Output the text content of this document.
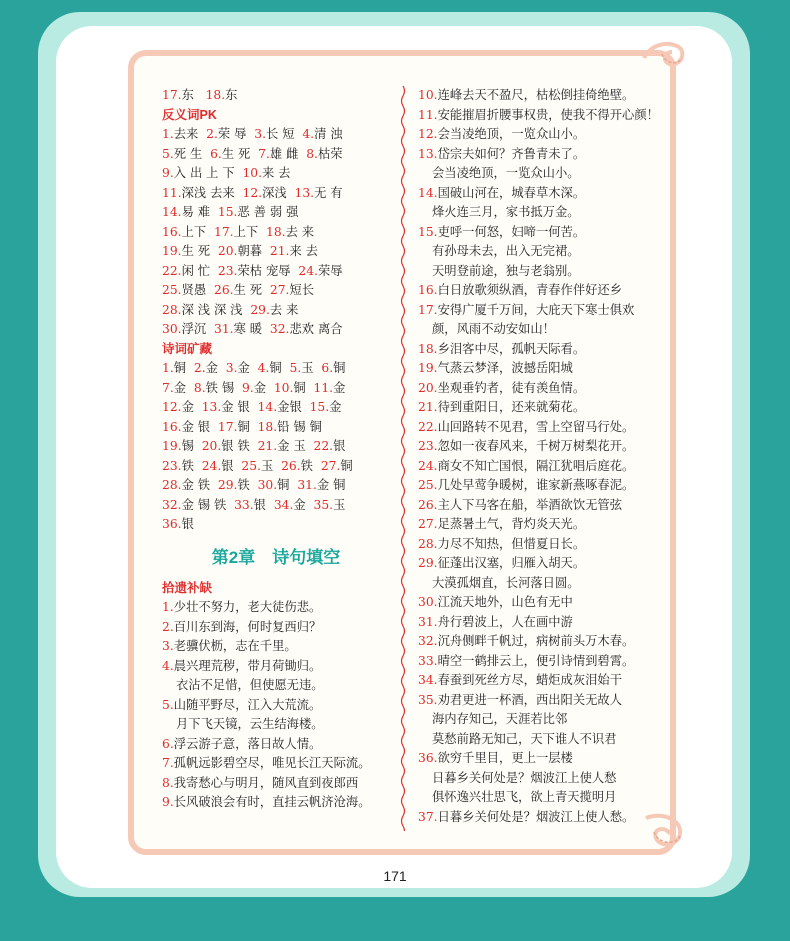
17.东 18.东
反义词PK
1.去来 2.荣 辱 3.长 短 4.清 浊
5.死 生 6.生 死 7.雄 雌 8.枯荣
9.入 出 上 下 10.来 去
11.深浅 去来 12.深浅 13.无 有
14.易 难 15.恶 善 弱 强
16.上下 17.上下 18.去 来
19.生 死 20.朝暮 21.来 去
22.闲 忙 23.荣枯 宠辱 24.荣辱
25.贤愚 26.生 死 27.短长
28.深 浅 深 浅 29.去 来
30.浮沉 31.寒 暖 32.悲欢 离合
诗词矿藏
1.铜 2.金 3.金 4.铜 5.玉 6.铜
7.金 8.铁 锡 9.金 10.铜 11.金
12.金 13.金 银 14.金银 15.金
16.金 银 17.铜 18.铅 锡 铜
19.锡 20.银 铁 21.金 玉 22.银
23.铁 24.银 25.玉 26.铁 27.铜
28.金 铁 29.铁 30.铜 31.金 铜
32.金 锡 铁 33.银 34.金 35.玉
36.银
第2章　诗句填空
拾遗补缺
1.少壮不努力，老大徒伤悲。
2.百川东到海，何时复西归？
3.老骥伏枥，志在千里。
4.晨兴理荒秽，带月荷锄归。
衣沾不足惜，但使愿无违。
5.山随平野尽，江入大荒流。
月下飞天镜，云生结海楼。
6.浮云游子意，落日故人情。
7.孤帆远影碧空尽，唯见长江天际流。
8.我寄愁心与明月，随风直到夜郎西
9.长风破浪会有时，直挂云帆济沧海。
10.连峰去天不盈尺，枯松倒挂倚绝壁。
11.安能摧眉折腰事权贵，使我不得开心颜！
12.会当凌绝顶，一览众山小。
13.岱宗夫如何？齐鲁青未了。
会当凌绝顶，一览众山小。
14.国破山河在，城春草木深。
烽火连三月，家书抵万金。
15.吏呼一何怒，妇啼一何苦。
有孙母未去，出入无完裙。
天明登前途，独与老翁别。
16.白日放歌须纵酒，青春作伴好还乡
17.安得广厦千万间，大庇天下寒士俱欢
颜，风雨不动安如山！
18.乡泪客中尽，孤帆天际看。
19.气蒸云梦泽，波撼岳阳城
20.坐观垂钓者，徒有羡鱼情。
21.待到重阳日，还来就菊花。
22.山回路转不见君，雪上空留马行处。
23.忽如一夜春风来，千树万树梨花开。
24.商女不知亡国恨，隔江犹唱后庭花。
25.几处早莺争暖树，谁家新燕啄春泥。
26.主人下马客在船，举酒欲饮无管弦
27.足蒸暑土气，背灼炎天光。
28.力尽不知热，但惜夏日长。
29.征蓬出汉塞，归雁入胡天。
大漠孤烟直，长河落日圆。
30.江流天地外，山色有无中
31.舟行碧波上，人在画中游
32.沉舟侧畔千帆过，病树前头万木春。
33.晴空一鹤排云上，便引诗情到碧霄。
34.春蚕到死丝方尽，蜡炬成灰泪始干
35.劝君更进一杯酒，西出阳关无故人
海内存知己，天涯若比邻
莫愁前路无知己，天下谁人不识君
36.欲穷千里目，更上一层楼
日暮乡关何处是？烟波江上使人愁
俱怀逸兴壮思飞，欲上青天揽明月
37.日暮乡关何处是？烟波江上使人愁。
171
